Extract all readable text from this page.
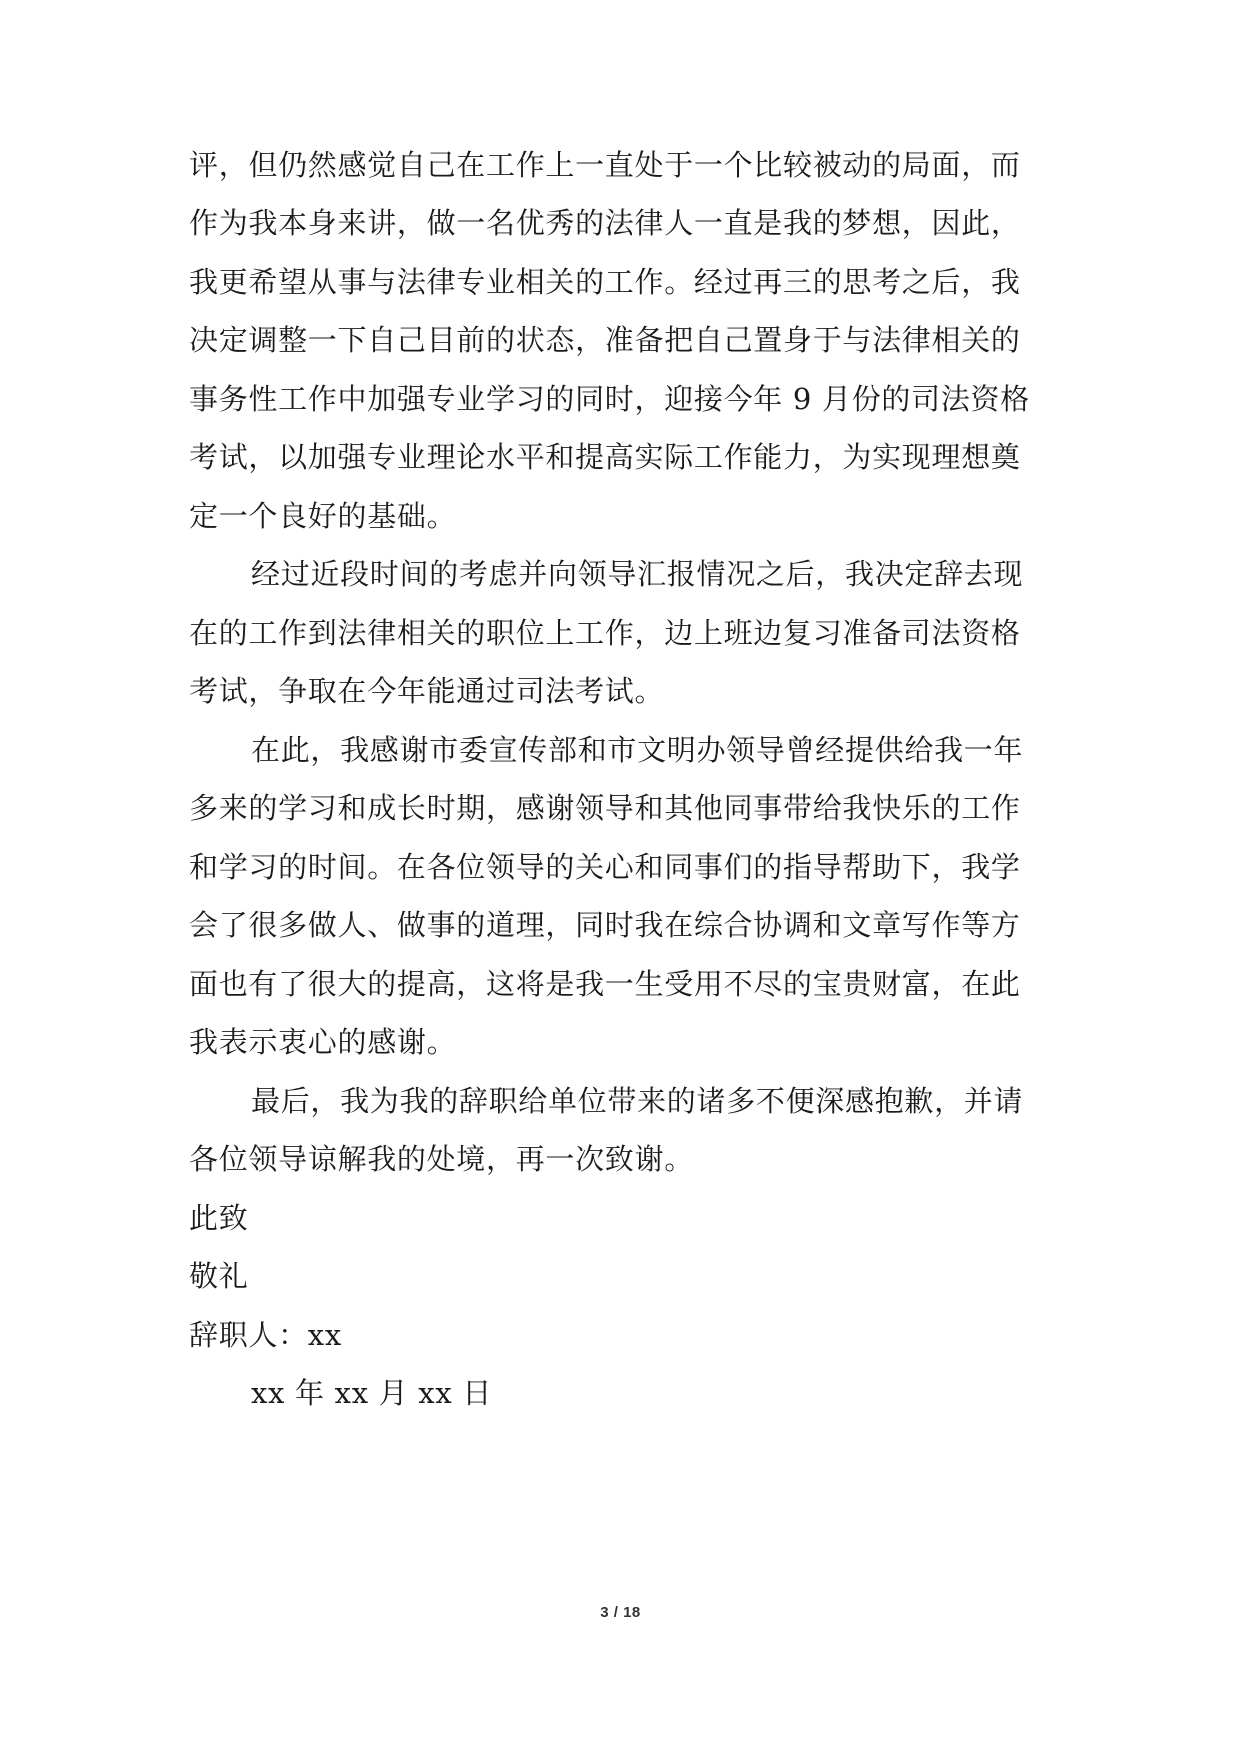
评，但仍然感觉自己在工作上一直处于一个比较被动的局面，而
作为我本身来讲，做一名优秀的法律人一直是我的梦想，因此，
我更希望从事与法律专业相关的工作。经过再三的思考之后，我
决定调整一下自己目前的状态，准备把自己置身于与法律相关的
事务性工作中加强专业学习的同时，迎接今年 9 月份的司法资格
考试，以加强专业理论水平和提高实际工作能力，为实现理想奠
定一个良好的基础。
经过近段时间的考虑并向领导汇报情况之后，我决定辞去现
在的工作到法律相关的职位上工作，边上班边复习准备司法资格
考试，争取在今年能通过司法考试。
在此，我感谢市委宣传部和市文明办领导曾经提供给我一年
多来的学习和成长时期，感谢领导和其他同事带给我快乐的工作
和学习的时间。在各位领导的关心和同事们的指导帮助下，我学
会了很多做人、做事的道理，同时我在综合协调和文章写作等方
面也有了很大的提高，这将是我一生受用不尽的宝贵财富，在此
我表示衷心的感谢。
最后，我为我的辞职给单位带来的诸多不便深感抱歉，并请
各位领导谅解我的处境，再一次致谢。
此致
敬礼
辞职人：xx
xx 年 xx 月 xx 日
3 / 18
